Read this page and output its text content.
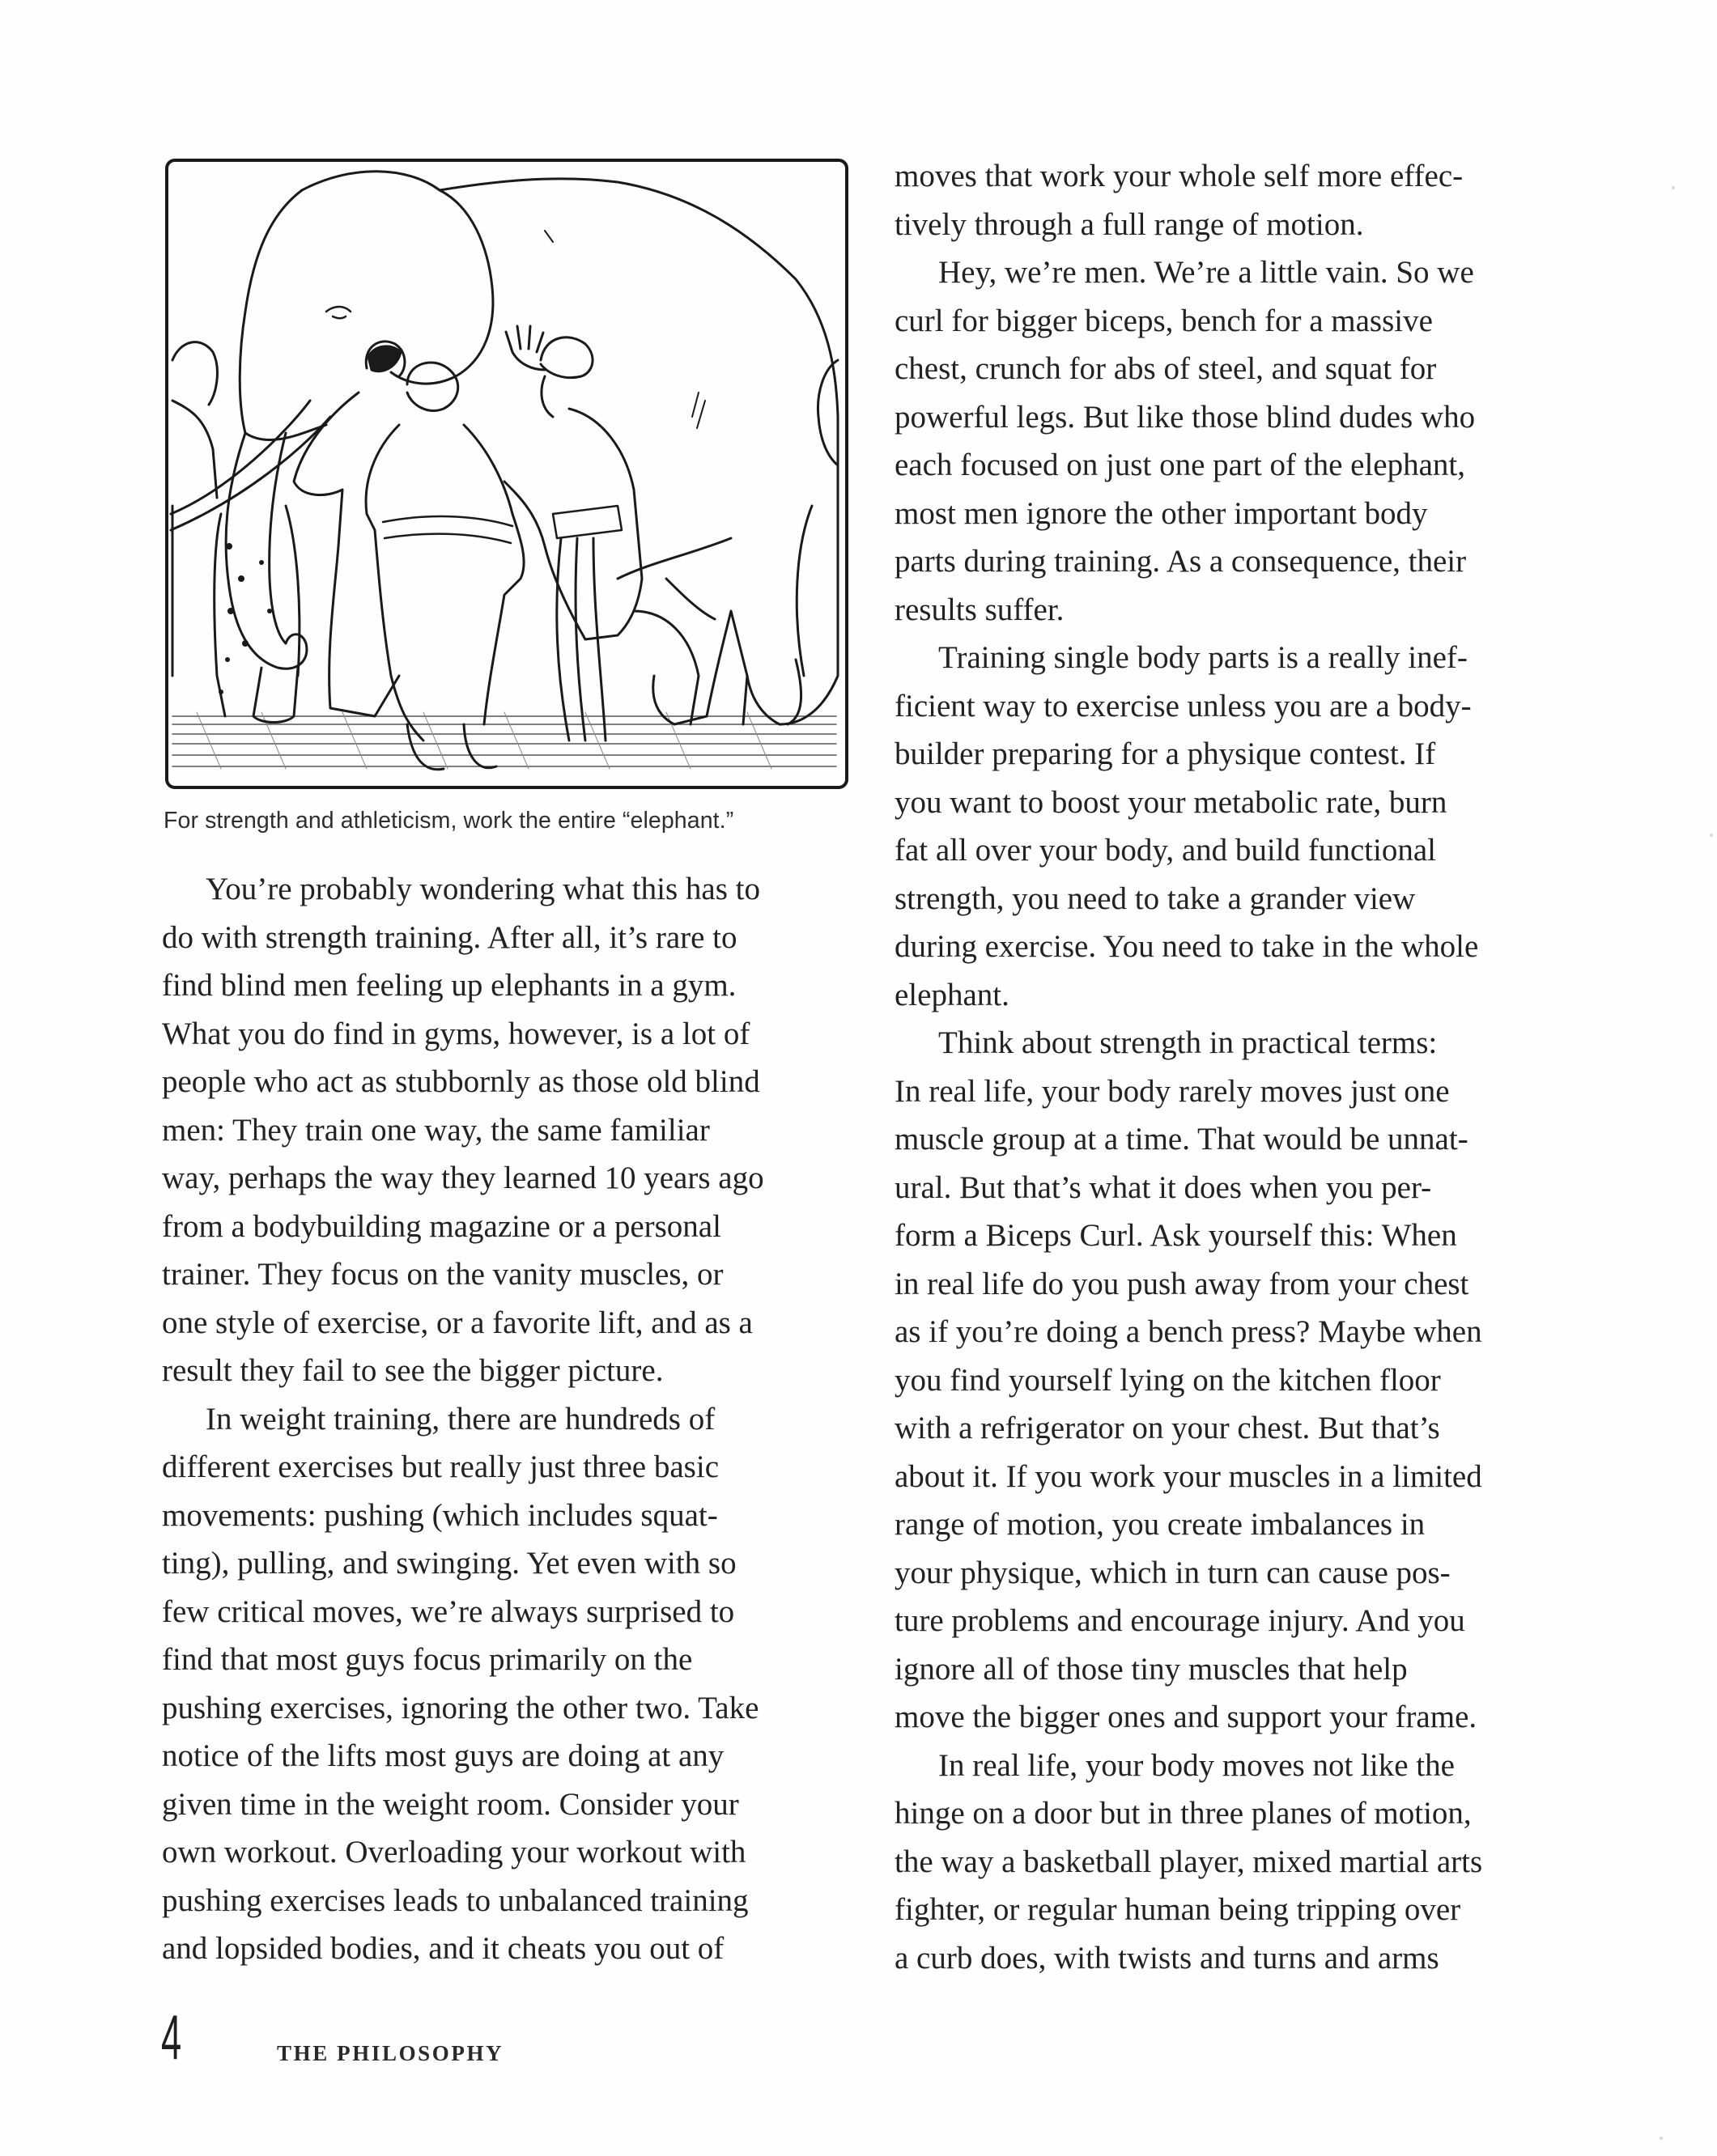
For strength and athleticism, work the entire “elephant.”
You’re probably wondering what this has to
do with strength training. After all, it’s rare to
find blind men feeling up elephants in a gym.
What you do find in gyms, however, is a lot of
people who act as stubbornly as those old blind
men: They train one way, the same familiar
way, perhaps the way they learned 10 years ago
from a bodybuilding magazine or a personal
trainer. They focus on the vanity muscles, or
one style of exercise, or a favorite lift, and as a
result they fail to see the bigger picture.
In weight training, there are hundreds of
different exercises but really just three basic
movements: pushing (which includes squat-
ting), pulling, and swinging. Yet even with so
few critical moves, we’re always surprised to
find that most guys focus primarily on the
pushing exercises, ignoring the other two. Take
notice of the lifts most guys are doing at any
given time in the weight room. Consider your
own workout. Overloading your workout with
pushing exercises leads to unbalanced training
and lopsided bodies, and it cheats you out of
moves that work your whole self more effec-
tively through a full range of motion.
Hey, we’re men. We’re a little vain. So we
curl for bigger biceps, bench for a massive
chest, crunch for abs of steel, and squat for
powerful legs. But like those blind dudes who
each focused on just one part of the elephant,
most men ignore the other important body
parts during training. As a consequence, their
results suffer.
Training single body parts is a really inef-
ficient way to exercise unless you are a body-
builder preparing for a physique contest. If
you want to boost your metabolic rate, burn
fat all over your body, and build functional
strength, you need to take a grander view
during exercise. You need to take in the whole
elephant.
Think about strength in practical terms:
In real life, your body rarely moves just one
muscle group at a time. That would be unnat-
ural. But that’s what it does when you per-
form a Biceps Curl. Ask yourself this: When
in real life do you push away from your chest
as if you’re doing a bench press? Maybe when
you find yourself lying on the kitchen floor
with a refrigerator on your chest. But that’s
about it. If you work your muscles in a limited
range of motion, you create imbalances in
your physique, which in turn can cause pos-
ture problems and encourage injury. And you
ignore all of those tiny muscles that help
move the bigger ones and support your frame.
In real life, your body moves not like the
hinge on a door but in three planes of motion,
the way a basketball player, mixed martial arts
fighter, or regular human being tripping over
a curb does, with twists and turns and arms
4	THE PHILOSOPHY
